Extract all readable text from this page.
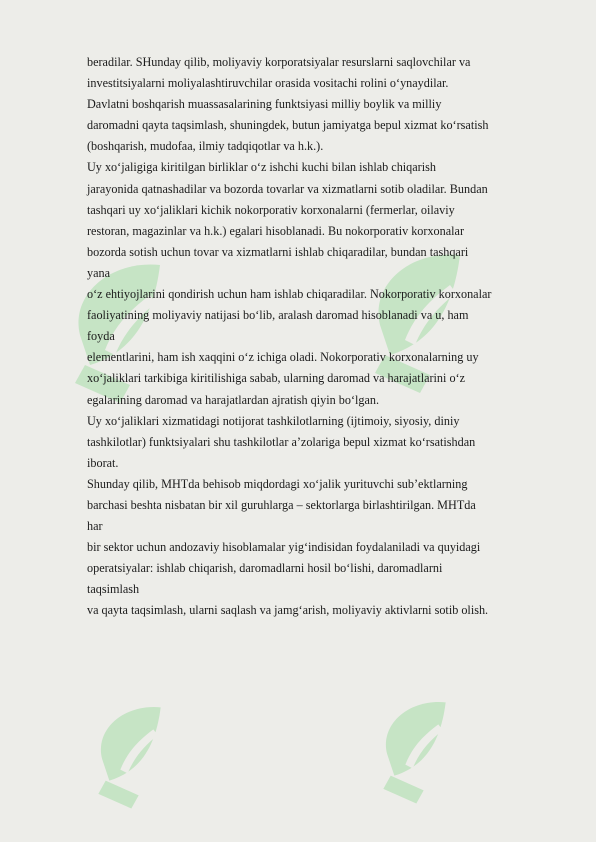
beradilar. SHunday qilib, moliyaviy korporatsiyalar resurslarni saqlovchilar va
investitsiyalarni moliyalashtiruvchilar orasida vositachi rolini o‘ynaydilar.
Davlatni boshqarish muassasalarining funktsiyasi milliy boylik va milliy
daromadni qayta taqsimlash, shuningdek, butun jamiyatga bepul xizmat ko‘rsatish
(boshqarish, mudofaa, ilmiy tadqiqotlar va h.k.).
Uy xo‘jaligiga kiritilgan birliklar o‘z ishchi kuchi bilan ishlab chiqarish
jarayonida qatnashadilar va bozorda tovarlar va xizmatlarni sotib oladilar. Bundan
tashqari uy xo‘jaliklari kichik nokorporativ korxonalarni (fermerlar, oilaviy
restoran, magazinlar va h.k.) egalari hisoblanadi. Bu nokorporativ korxonalar
bozorda sotish uchun tovar va xizmatlarni ishlab chiqaradilar, bundan tashqari
yana
o‘z ehtiyojlarini qondirish uchun ham ishlab chiqaradilar. Nokorporativ korxonalar
faoliyatining moliyaviy natijasi bo‘lib, aralash daromad hisoblanadi va u, ham
foyda
elementlarini, ham ish xaqqini o‘z ichiga oladi. Nokorporativ korxonalarning uy
xo‘jaliklari tarkibiga kiritilishiga sabab, ularning daromad va harajatlarini o‘z
egalarining daromad va harajatlardan ajratish qiyin bo‘lgan.
Uy xo‘jaliklari xizmatidagi notijorat tashkilotlarning (ijtimoiy, siyosiy, diniy
tashkilotlar) funktsiyalari shu tashkilotlar a’zolariga bepul xizmat ko‘rsatishdan
iborat.
Shunday qilib, MHTda behisob miqdordagi xo‘jalik yurituvchi sub’ektlarning
barchasi beshta nisbatan bir xil guruhlarga – sektorlarga birlashtirilgan. MHTda
har
bir sektor uchun andozaviy hisoblamalar yig‘indisidan foydalaniladi va quyidagi
operatsiyalar: ishlab chiqarish, daromadlarni hosil bo‘lishi, daromadlarni
taqsimlash
va qayta taqsimlash, ularni saqlash va jamg‘arish, moliyaviy aktivlarni sotib olish.
